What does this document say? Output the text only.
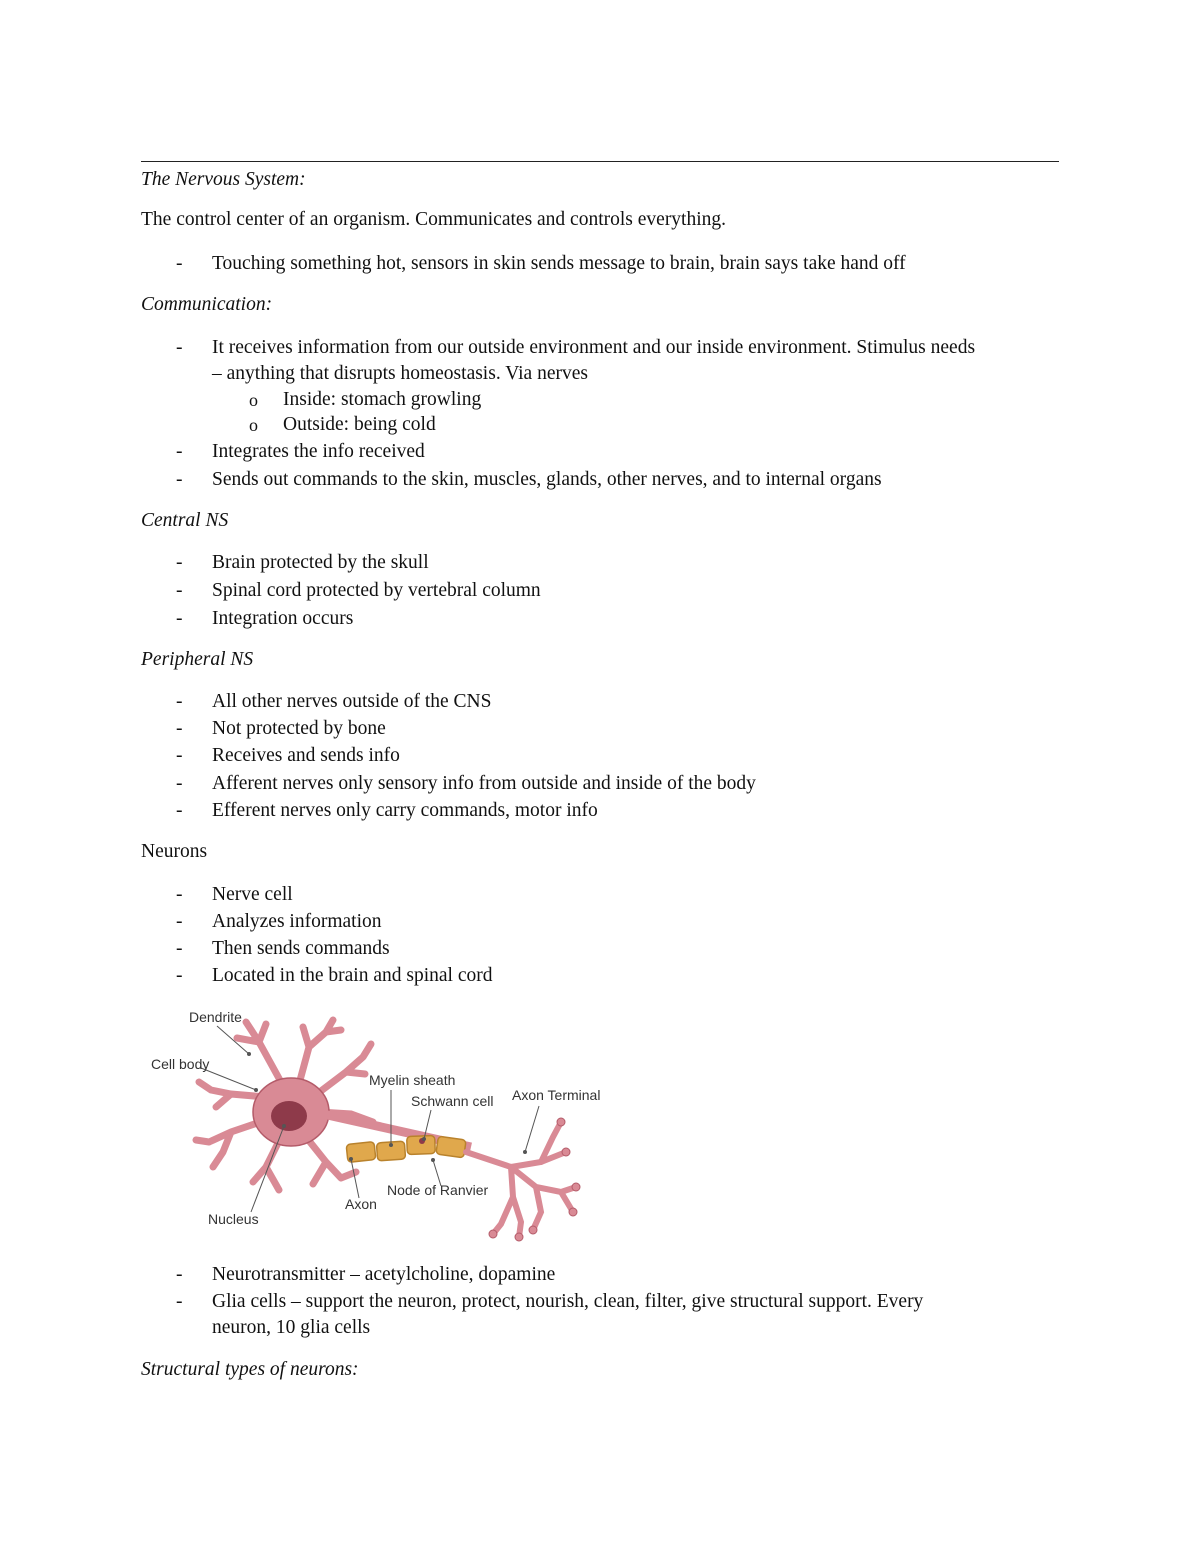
The Nervous System:
The control center of an organism. Communicates and controls everything.
- Touching something hot, sensors in skin sends message to brain, brain says take hand off
Communication:
- It receives information from our outside environment and our inside environment. Stimulus needs
– anything that disrupts homeostasis. Via nerves
o Inside: stomach growling
o Outside: being cold
- Integrates the info received
- Sends out commands to the skin, muscles, glands, other nerves, and to internal organs
Central NS
- Brain protected by the skull
- Spinal cord protected by vertebral column
- Integration occurs
Peripheral NS
- All other nerves outside of the CNS
- Not protected by bone
- Receives and sends info
- Afferent nerves only sensory info from outside and inside of the body
- Efferent nerves only carry commands, motor info
Neurons
- Nerve cell
- Analyzes information
- Then sends commands
- Located in the brain and spinal cord
Dendrite
Cell body
Myelin sheath
Schwann cell Axon Terminal
Node of Ranvier
Axon
Nucleus
- Neurotransmitter – acetylcholine, dopamine
- Glia cells – support the neuron, protect, nourish, clean, filter, give structural support. Every
neuron, 10 glia cells
Structural types of neurons:
